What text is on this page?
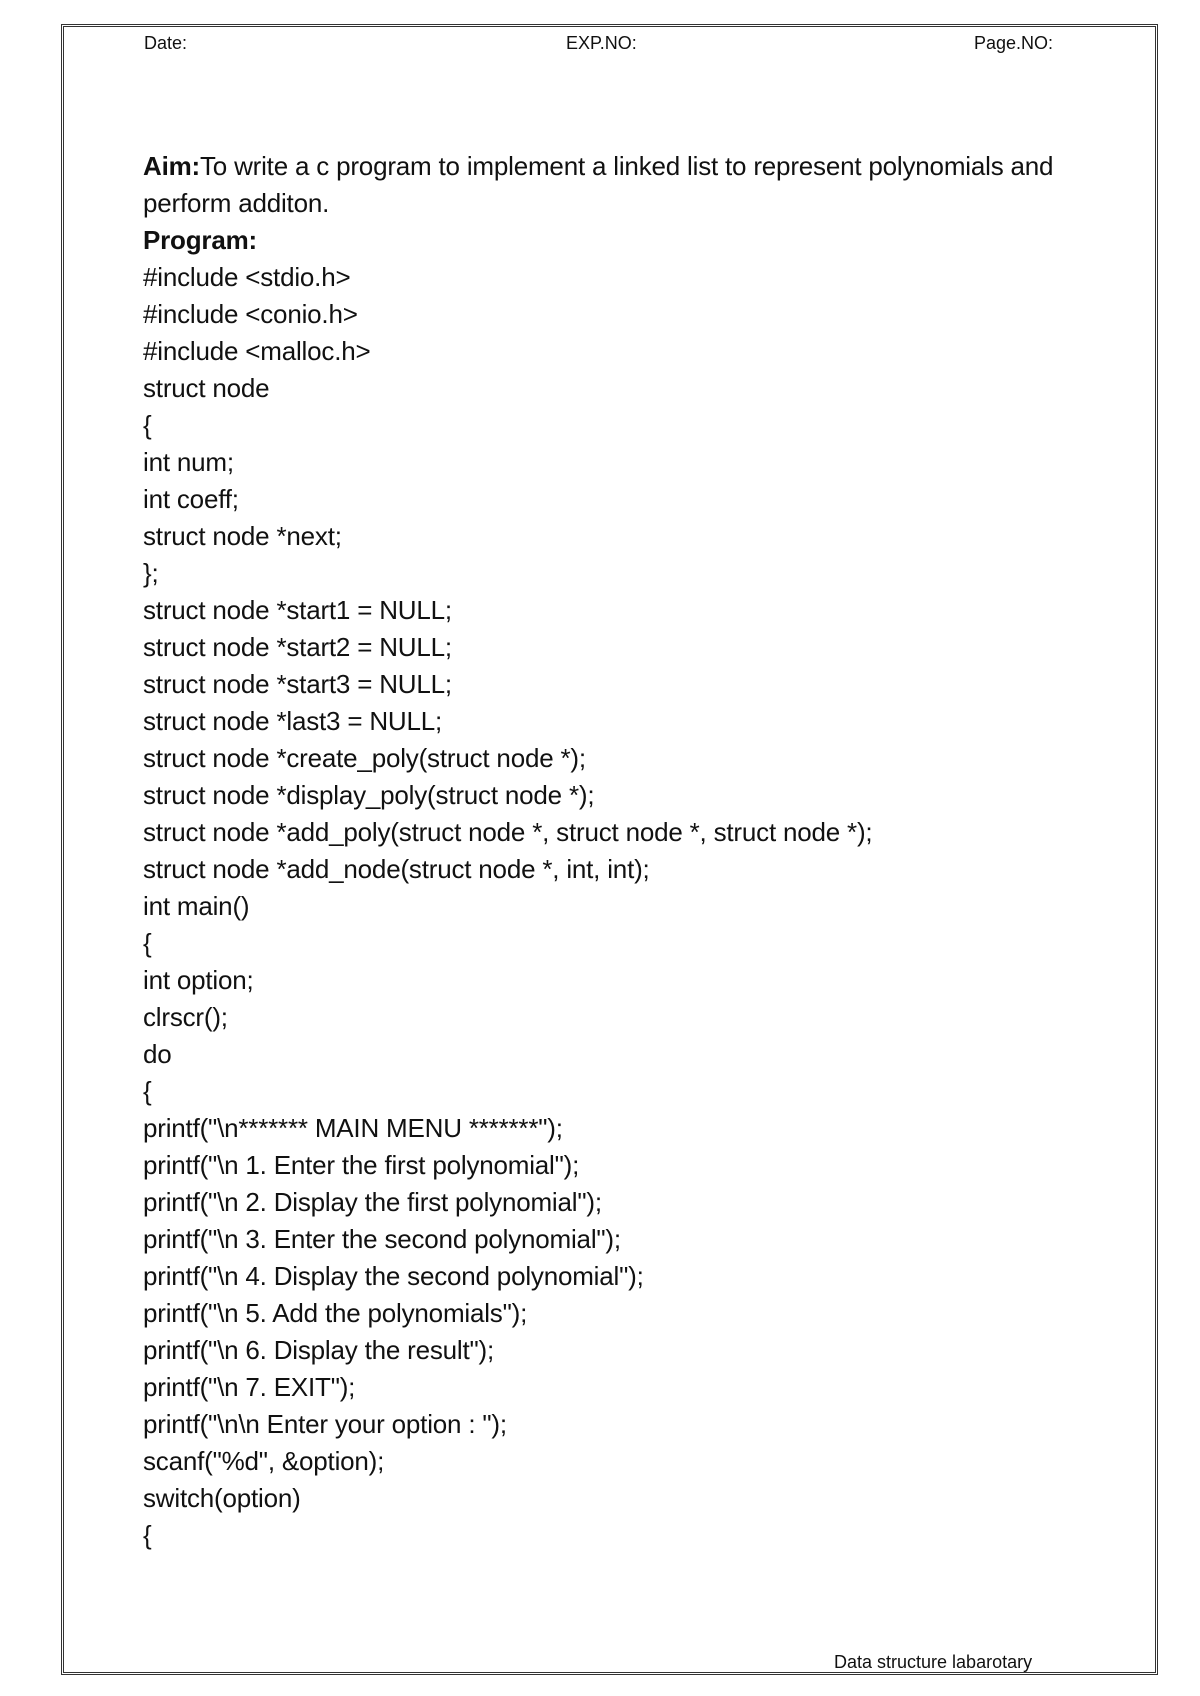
Date:	EXP.NO:	Page.NO:

Aim:To write a c program to implement a linked list to represent polynomials and perform additon.

Program:
#include <stdio.h>
#include <conio.h>
#include <malloc.h>
struct node
{
int num;
int coeff;
struct node *next;
};
struct node *start1 = NULL;
struct node *start2 = NULL;
struct node *start3 = NULL;
struct node *last3 = NULL;
struct node *create_poly(struct node *);
struct node *display_poly(struct node *);
struct node *add_poly(struct node *, struct node *, struct node *);
struct node *add_node(struct node *, int, int);
int main()
{
int option;
clrscr();
do
{
printf("\n******* MAIN MENU *******");
printf("\n 1. Enter the first polynomial");
printf("\n 2. Display the first polynomial");
printf("\n 3. Enter the second polynomial");
printf("\n 4. Display the second polynomial");
printf("\n 5. Add the polynomials");
printf("\n 6. Display the result");
printf("\n 7. EXIT");
printf("\n\n Enter your option : ");
scanf("%d", &option);
switch(option)
{
Data structure labarotary
